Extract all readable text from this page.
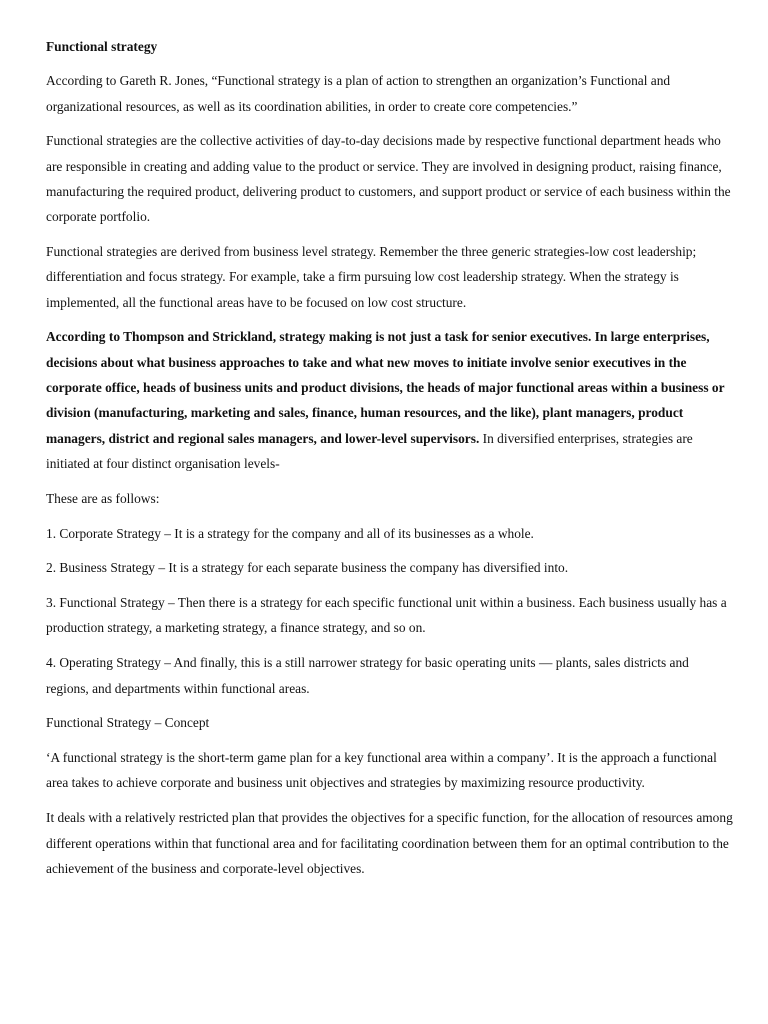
Functional strategy

According to Gareth R. Jones, “Functional strategy is a plan of action to strengthen an organization’s Functional and organizational resources, as well as its coordination abilities, in order to create core competencies.”

Functional strategies are the collective activities of day-to-day decisions made by respective functional department heads who are responsible in creating and adding value to the product or service. They are involved in designing product, raising finance, manufacturing the required product, delivering product to customers, and support product or service of each business within the corporate portfolio.

Functional strategies are derived from business level strategy. Remember the three generic strategies-low cost leadership; differentiation and focus strategy. For example, take a firm pursuing low cost leadership strategy. When the strategy is implemented, all the functional areas have to be focused on low cost structure.

According to Thompson and Strickland, strategy making is not just a task for senior executives. In large enterprises, decisions about what business approaches to take and what new moves to initiate involve senior executives in the corporate office, heads of business units and product divisions, the heads of major functional areas within a business or division (manufacturing, marketing and sales, finance, human resources, and the like), plant managers, product managers, district and regional sales managers, and lower-level supervisors. In diversified enterprises, strategies are initiated at four distinct organisation levels-

These are as follows:

1. Corporate Strategy – It is a strategy for the company and all of its businesses as a whole.

2. Business Strategy – It is a strategy for each separate business the company has diversified into.

3. Functional Strategy – Then there is a strategy for each specific functional unit within a business. Each business usually has a production strategy, a marketing strategy, a finance strategy, and so on.

4. Operating Strategy – And finally, this is a still narrower strategy for basic operating units — plants, sales districts and regions, and departments within functional areas.

Functional Strategy – Concept

‘A functional strategy is the short-term game plan for a key functional area within a company’. It is the approach a functional area takes to achieve corporate and business unit objectives and strategies by maximizing resource productivity.

It deals with a relatively restricted plan that provides the objectives for a specific function, for the allocation of resources among different operations within that functional area and for facilitating coordination between them for an optimal contribution to the achievement of the business and corporate-level objectives.
